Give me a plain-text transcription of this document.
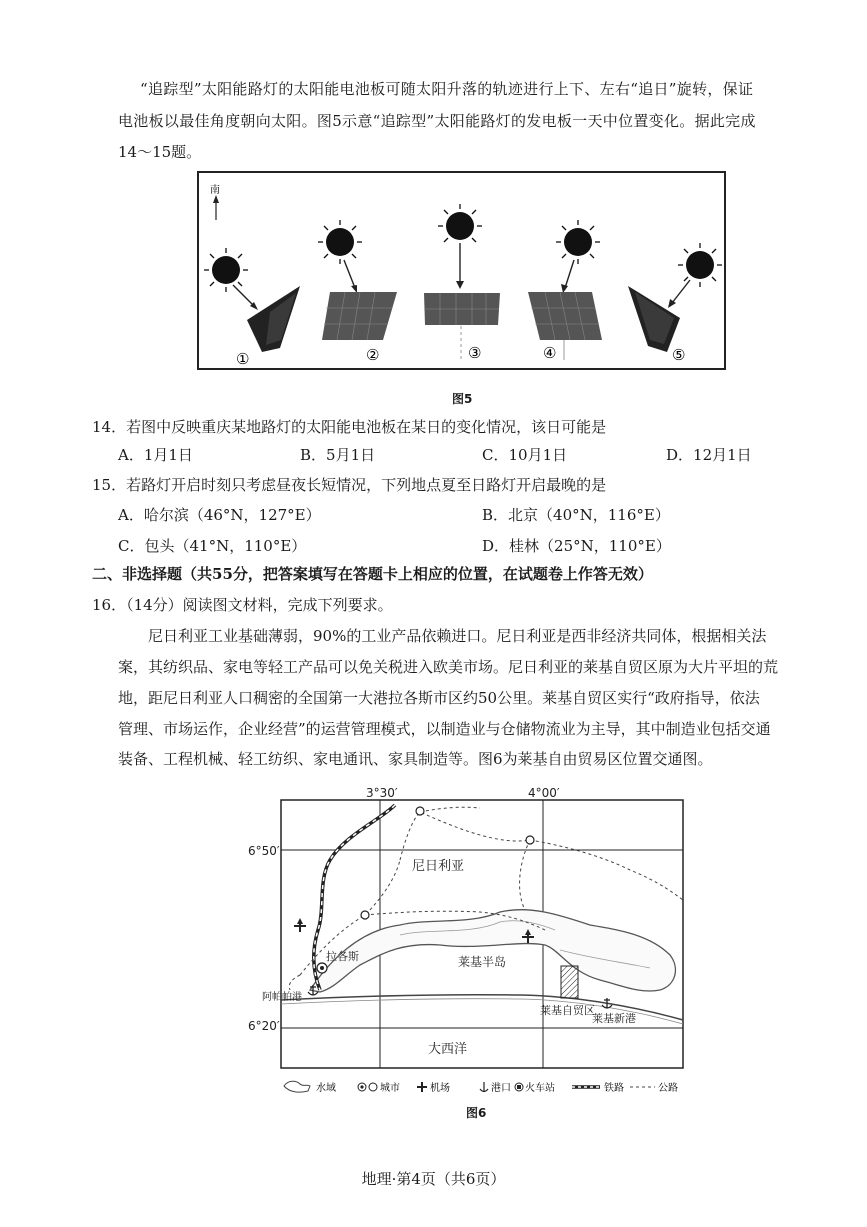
“追踪型”太阳能路灯的太阳能电池板可随太阳升落的轨迹进行上下、左右“追日”旋转，保证
电池板以最佳角度朝向太阳。图5示意“追踪型”太阳能路灯的发电板一天中位置变化。据此完成
14～15题。
南
①	②	③	④	⑤
图5
14．若图中反映重庆某地路灯的太阳能电池板在某日的变化情况，该日可能是
A．1月1日	B．5月1日	C．10月1日	D．12月1日
15．若路灯开启时刻只考虑昼夜长短情况，下列地点夏至日路灯开启最晚的是
A．哈尔滨（46°N，127°E）	B．北京（40°N，116°E）
C．包头（41°N，110°E）	D．桂林（25°N，110°E）
二、非选择题（共55分，把答案填写在答题卡上相应的位置，在试题卷上作答无效）
16．（14分）阅读图文材料，完成下列要求。
尼日利亚工业基础薄弱，90%的工业产品依赖进口。尼日利亚是西非经济共同体，根据相关法
案，其纺织品、家电等轻工产品可以免关税进入欧美市场。尼日利亚的莱基自贸区原为大片平坦的荒
地，距尼日利亚人口稠密的全国第一大港拉各斯市区约50公里。莱基自贸区实行“政府指导，依法
管理、市场运作，企业经营”的运营管理模式，以制造业与仓储物流业为主导，其中制造业包括交通
装备、工程机械、轻工纺织、家电通讯、家具制造等。图6为莱基自由贸易区位置交通图。
3°30′	4°00′
6°50′
6°20′
尼日利亚
莱基半岛
拉各斯
阿帕帕港
莱基自贸区
莱基新港
大西洋
水域	城市	机场	港口 火车站	铁路	公路
图6
地理·第4页（共6页）
